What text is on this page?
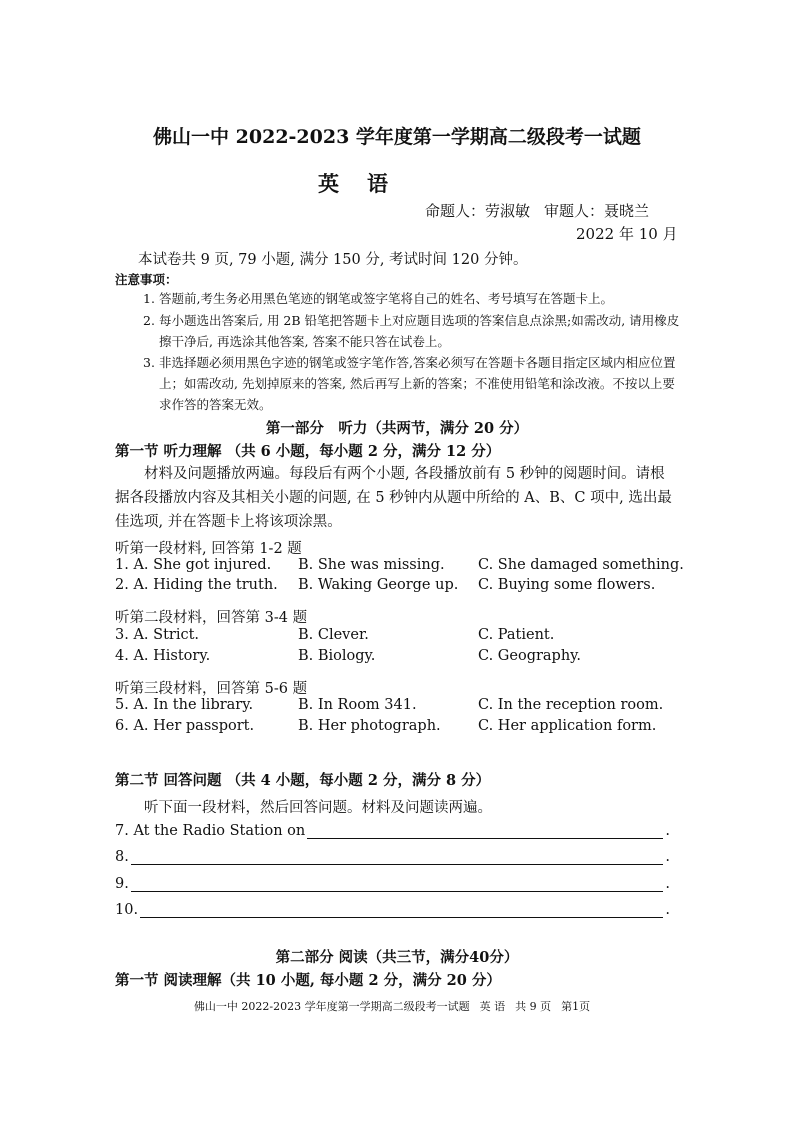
佛山一中 2022-2023 学年度第一学期高二级段考一试题
英语
命题人：劳淑敏 审题人：聂晓兰
2022 年 10 月
本试卷共 9 页, 79 小题, 满分 150 分, 考试时间 120 分钟。
注意事项：
1. 答题前,考生务必用黑色笔迹的钢笔或签字笔将自己的姓名、考号填写在答题卡上。
2. 每小题选出答案后, 用 2B 铅笔把答题卡上对应题目选项的答案信息点涂黑;如需改动, 请用橡皮擦干净后, 再选涂其他答案, 答案不能只答在试卷上。
3. 非选择题必须用黑色字迹的钢笔或签字笔作答,答案必须写在答题卡各题目指定区域内相应位置上；如需改动, 先划掉原来的答案, 然后再写上新的答案；不准使用铅笔和涂改液。不按以上要求作答的答案无效。
第一部分　听力（共两节，满分 20 分）
第一节 听力理解 （共 6 小题，每小题 2 分，满分 12 分）
材料及问题播放两遍。每段后有两个小题, 各段播放前有 5 秒钟的阅题时间。请根据各段播放内容及其相关小题的问题, 在 5 秒钟内从题中所给的 A、B、C 项中, 选出最佳选项, 并在答题卡上将该项涂黑。
听第一段材料, 回答第 1-2 题
1. A. She got injured. B. She was missing. C. She damaged something.
2. A. Hiding the truth. B. Waking George up. C. Buying some flowers.
听第二段材料，回答第 3-4 题
3. A. Strict.	B. Clever.	C. Patient.
4. A. History.	B. Biology.	C. Geography.
听第三段材料，回答第 5-6 题
5. A. In the library.	B. In Room 341.	C. In the reception room.
6. A. Her passport.	B. Her photograph.	C. Her application form.
第二节 回答问题 （共 4 小题，每小题 2 分，满分 8 分）
听下面一段材料，然后回答问题。材料及问题读两遍。
7. At the Radio Station on	.
8.	.
9.	.
10.	.
第二部分 阅读（共三节，满分40分）
第一节 阅读理解（共 10 小题, 每小题 2 分，满分 20 分）
佛山一中 2022-2023 学年度第一学期高二级段考一试题 英 语 共 9 页 第1页
